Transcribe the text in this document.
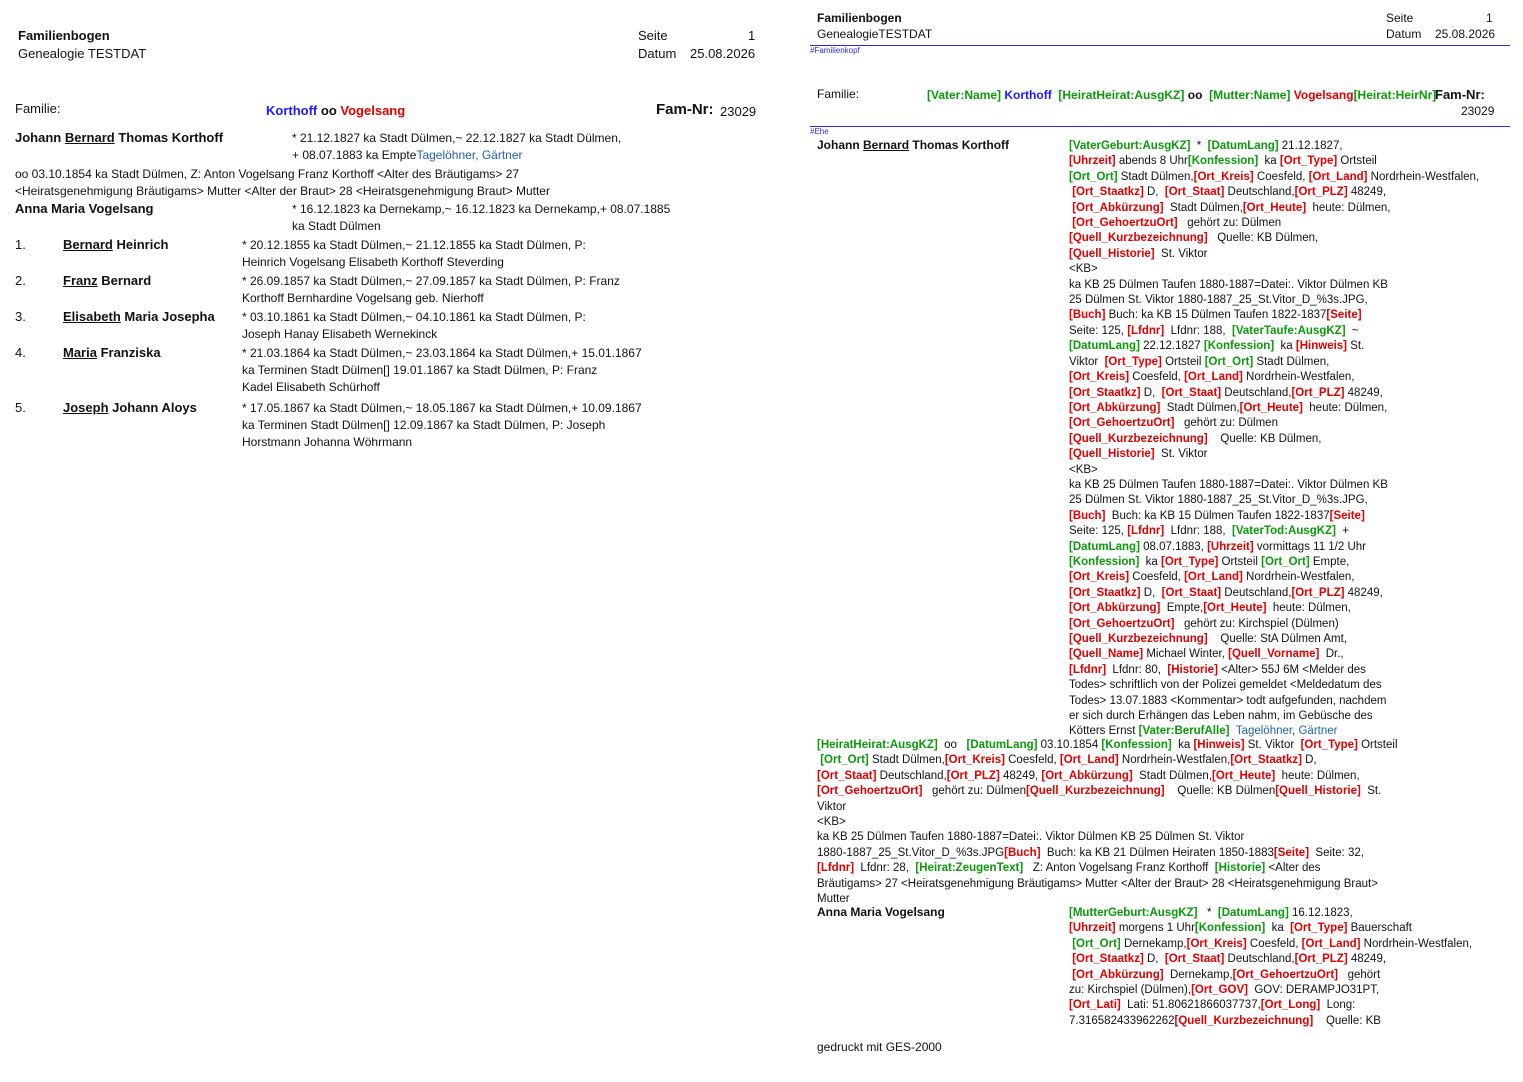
Familienbogen
Genealogie TESTDAT
Seite	1
Datum 25.08.2026
Familie:	Korthoff oo Vogelsang	Fam-Nr: 23029
Johann Bernard Thomas Korthoff	* 21.12.1827 ka Stadt Dülmen,~ 22.12.1827 ka Stadt Dülmen,
+ 08.07.1883 ka EmpteTagelöhner, Gärtner
oo 03.10.1854 ka Stadt Dülmen, Z: Anton Vogelsang Franz Korthoff <Alter des Bräutigams> 27
<Heiratsgenehmigung Bräutigams> Mutter <Alter der Braut> 28 <Heiratsgenehmigung Braut> Mutter
Anna Maria Vogelsang	* 16.12.1823 ka Dernekamp,~ 16.12.1823 ka Dernekamp,+ 08.07.1885
ka Stadt Dülmen
1.	Bernard Heinrich	* 20.12.1855 ka Stadt Dülmen,~ 21.12.1855 ka Stadt Dülmen, P:
Heinrich Vogelsang Elisabeth Korthoff Steverding
2.	Franz Bernard	* 26.09.1857 ka Stadt Dülmen,~ 27.09.1857 ka Stadt Dülmen, P: Franz
Korthoff Bernhardine Vogelsang geb. Nierhoff
3.	Elisabeth Maria Josepha * 03.10.1861 ka Stadt Dülmen,~ 04.10.1861 ka Stadt Dülmen, P:
Joseph Hanay Elisabeth Wernekinck
4.	Maria Franziska	* 21.03.1864 ka Stadt Dülmen,~ 23.03.1864 ka Stadt Dülmen,+ 15.01.1867
ka Terminen Stadt Dülmen[] 19.01.1867 ka Stadt Dülmen, P: Franz
Kadel Elisabeth Schürhoff
5.	Joseph Johann Aloys	* 17.05.1867 ka Stadt Dülmen,~ 18.05.1867 ka Stadt Dülmen,+ 10.09.1867
ka Terminen Stadt Dülmen[] 12.09.1867 ka Stadt Dülmen, P: Joseph
Horstmann Johanna Wöhrmann
Familienbogen
GenealogieTESTDAT
Seite	1
Datum 25.08.2026
#Familienkopf
Familie:	[Vater:Name] Korthoff [HeiratHeirat:AusgKZ] oo [Mutter:Name] Vogelsang[Heirat:HeirNr]
Fam-Nr:
23029
#Ehe
Johann Bernard Thomas Korthoff	[VaterGeburt:AusgKZ]  *  [DatumLang] 21.12.1827,
[Uhrzeit] abends 8 Uhr[Konfession]  ka [Ort_Type] Ortsteil
[Ort_Ort] Stadt Dülmen,[Ort_Kreis] Coesfeld, [Ort_Land] Nordrhein-Westfalen,
[Ort_Staatkz] D,  [Ort_Staat] Deutschland,[Ort_PLZ] 48249,
[Ort_Abkürzung]  Stadt Dülmen,[Ort_Heute]  heute: Dülmen,
[Ort_GehoertzuOrt]   gehört zu: Dülmen
[Quell_Kurzbezeichnung]   Quelle: KB Dülmen,
[Quell_Historie]  St. Viktor
<KB>
ka KB 25 Dülmen Taufen 1880-1887=Datei:. Viktor Dülmen KB
25 Dülmen St. Viktor 1880-1887_25_St.Vitor_D_%3s.JPG,
[Buch] Buch: ka KB 15 Dülmen Taufen 1822-1837[Seite]
Seite: 125, [Lfdnr]  Lfdnr: 188,  [VaterTaufe:AusgKZ]  ~
[DatumLang] 22.12.1827 [Konfession]  ka [Hinweis] St.
Viktor  [Ort_Type] Ortsteil [Ort_Ort] Stadt Dülmen,
[Ort_Kreis] Coesfeld, [Ort_Land] Nordrhein-Westfalen,
[Ort_Staatkz] D,  [Ort_Staat] Deutschland,[Ort_PLZ] 48249,
[Ort_Abkürzung]  Stadt Dülmen,[Ort_Heute]  heute: Dülmen,
[Ort_GehoertzuOrt]   gehört zu: Dülmen
[Quell_Kurzbezeichnung]    Quelle: KB Dülmen,
[Quell_Historie]  St. Viktor
<KB>
ka KB 25 Dülmen Taufen 1880-1887=Datei:. Viktor Dülmen KB
25 Dülmen St. Viktor 1880-1887_25_St.Vitor_D_%3s.JPG,
[Buch]  Buch: ka KB 15 Dülmen Taufen 1822-1837[Seite]
Seite: 125, [Lfdnr]  Lfdnr: 188,  [VaterTod:AusgKZ]  +
[DatumLang] 08.07.1883, [Uhrzeit] vormittags 11 1/2 Uhr
[Konfession]  ka [Ort_Type] Ortsteil [Ort_Ort] Empte,
[Ort_Kreis] Coesfeld, [Ort_Land] Nordrhein-Westfalen,
[Ort_Staatkz] D,  [Ort_Staat] Deutschland,[Ort_PLZ] 48249,
[Ort_Abkürzung]  Empte,[Ort_Heute]  heute: Dülmen,
[Ort_GehoertzuOrt]   gehört zu: Kirchspiel (Dülmen)
[Quell_Kurzbezeichnung]    Quelle: StA Dülmen Amt,
[Quell_Name] Michael Winter, [Quell_Vorname]  Dr.,
[Lfdnr]  Lfdnr: 80,  [Historie] <Alter> 55J 6M <Melder des
Todes> schriftlich von der Polizei gemeldet <Meldedatum des
Todes> 13.07.1883 <Kommentar> todt aufgefunden, nachdem
er sich durch Erhängen das Leben nahm, im Gebüsche des
Kötters Ernst [Vater:BerufAlle] Tagelöhner, Gärtner
[HeiratHeirat:AusgKZ]  oo   [DatumLang] 03.10.1854 [Konfession]  ka [Hinweis] St. Viktor  [Ort_Type] Ortsteil
[Ort_Ort] Stadt Dülmen,[Ort_Kreis] Coesfeld, [Ort_Land] Nordrhein-Westfalen,[Ort_Staatkz] D,
[Ort_Staat] Deutschland,[Ort_PLZ] 48249, [Ort_Abkürzung]  Stadt Dülmen,[Ort_Heute]  heute: Dülmen,
[Ort_GehoertzuOrt]   gehört zu: Dülmen[Quell_Kurzbezeichnung]    Quelle: KB Dülmen[Quell_Historie]  St.
Viktor
<KB>
ka KB 25 Dülmen Taufen 1880-1887=Datei:. Viktor Dülmen KB 25 Dülmen St. Viktor
1880-1887_25_St.Vitor_D_%3s.JPG[Buch]  Buch: ka KB 21 Dülmen Heiraten 1850-1883[Seite]  Seite: 32,
[Lfdnr]  Lfdnr: 28,  [Heirat:ZeugenText]   Z: Anton Vogelsang Franz Korthoff  [Historie] <Alter des
Bräutigams> 27 <Heiratsgenehmigung Bräutigams> Mutter <Alter der Braut> 28 <Heiratsgenehmigung Braut>
Mutter
Anna Maria Vogelsang	[MutterGeburt:AusgKZ]   *  [DatumLang] 16.12.1823,
[Uhrzeit] morgens 1 Uhr[Konfession]  ka  [Ort_Type] Bauerschaft
[Ort_Ort] Dernekamp,[Ort_Kreis] Coesfeld, [Ort_Land] Nordrhein-Westfalen,
[Ort_Staatkz] D,  [Ort_Staat] Deutschland,[Ort_PLZ] 48249,
[Ort_Abkürzung]  Dernekamp,[Ort_GehoertzuOrt]   gehört
zu: Kirchspiel (Dülmen),[Ort_GOV]  GOV: DERAMPJO31PT,
[Ort_Lati]  Lati: 51.80621866037737,[Ort_Long]  Long:
7.316582433962262[Quell_Kurzbezeichnung]    Quelle: KB
gedruckt mit GES-2000
